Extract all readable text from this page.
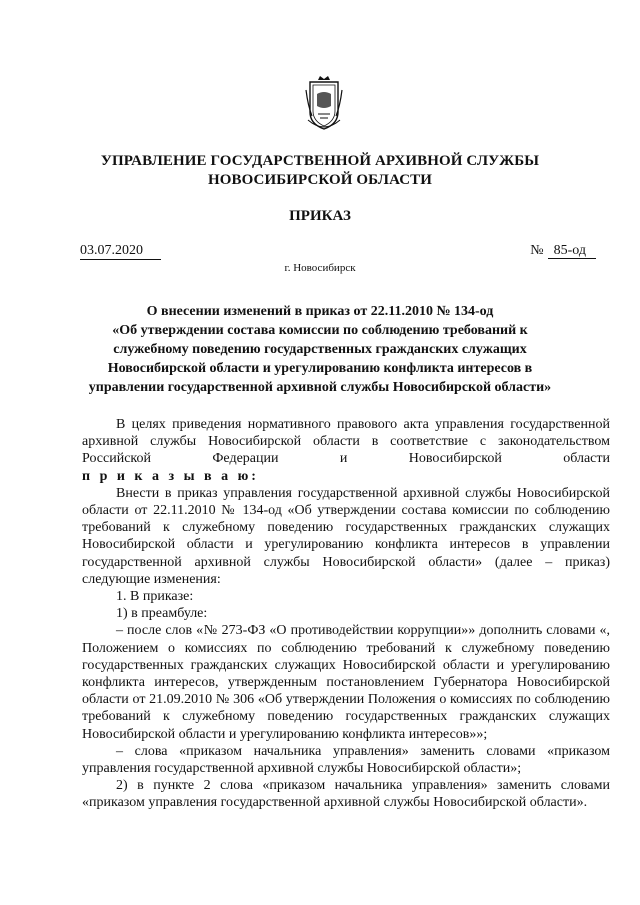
УПРАВЛЕНИЕ ГОСУДАРСТВЕННОЙ АРХИВНОЙ СЛУЖБЫ
НОВОСИБИРСКОЙ ОБЛАСТИ
ПРИКАЗ
03.07.2020	№ 85-од
г. Новосибирск
О внесении изменений в приказ от 22.11.2010 № 134-од
«Об утверждении состава комиссии по соблюдению требований к
служебному поведению государственных гражданских служащих
Новосибирской области и урегулированию конфликта интересов в
управлении государственной архивной службы Новосибирской области»

В целях приведения нормативного правового акта управления государственной архивной службы Новосибирской области в соответствие с законодательством Российской Федерации и Новосибирской области

п р и к а з ы в а ю:

Внести в приказ управления государственной архивной службы Новосибирской области от 22.11.2010 № 134-од «Об утверждении состава комиссии по соблюдению требований к служебному поведению государственных гражданских служащих Новосибирской области и урегулированию конфликта интересов в управлении государственной архивной службы Новосибирской области» (далее – приказ) следующие изменения:

1. В приказе:

1) в преамбуле:

– после слов «№ 273-ФЗ «О противодействии коррупции»» дополнить словами «, Положением о комиссиях по соблюдению требований к служебному поведению государственных гражданских служащих Новосибирской области и урегулированию конфликта интересов, утвержденным постановлением Губернатора Новосибирской области от 21.09.2010 № 306 «Об утверждении Положения о комиссиях по соблюдению требований к служебному поведению государственных гражданских служащих Новосибирской области и урегулированию конфликта интересов»»;

– слова «приказом начальника управления» заменить словами «приказом управления государственной архивной службы Новосибирской области»;

2) в пункте 2 слова «приказом начальника управления» заменить словами «приказом управления государственной архивной службы Новосибирской области».
